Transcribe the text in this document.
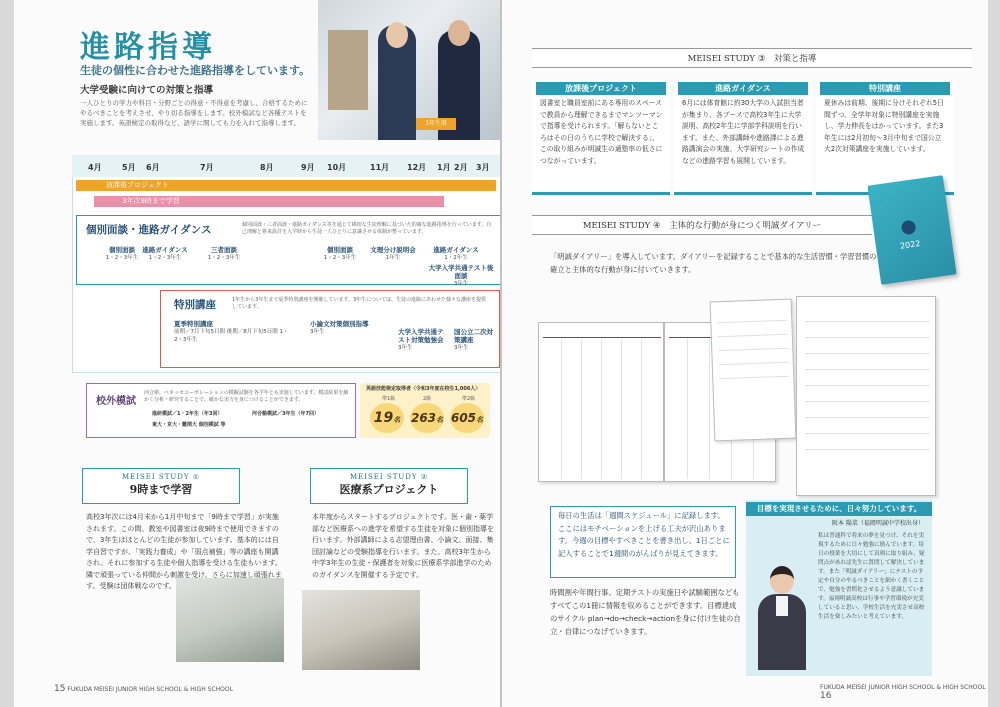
進路指導
生徒の個性に合わせた進路指導をしています。
大学受験に向けての対策と指導
一人ひとりの学力や科目・分野ごとの得意・不得意を考慮し、合格するためにやるべきことを考えさせ、やり切る指導をします。校外模試など各種テストを実施します。英語検定の取得など、語学に関しても力を入れて指導します。	3年生用
4月	5月 6月	7月	8月	9月 10月	11月 12月 1月 2月 3月
放課後プロジェクト
3年次9時まで学習
個別面談・進路ガイダンス	個別面談・三者面談・進路ガイダンス等を通じて綿密な生徒理解に基づいた的確な進路指導を行っています。自己理解と将来設計を入学時から生徒一人ひとりに意識させる体制が整っています。
個別面談
1・2・3年生
進路ガイダンス
1・2・3年生
三者面談
1・2・3年生
個別面談
1・2・3年生
文理分け説明会
1年生
進路ガイダンス
1・2年生
大学入学共通テスト後面談
3年生
特別講座	1年生から3年生まで夏季特別講座を開催しています。3年生については、生徒の進路にあわせた様々な講座を提供しています。
夏季特別講座
前期／7月下旬5日間 後期／8月下旬5日間 1・2・3年生
小論文対策個別指導
3年生	大学入学共通テスト対策勉強会
3年生
国公立二次対策講座
3年生
校外模試
河合塾、ベネッセコーポレーションの模擬試験を各学年とも実施しています。模試結果を細かく分析・研究することで、確かな実力を身につけることができます。
進研模試／1・2年生（年3回）	河合塾模試／3年生（年7回）
東大・京大・難関大 個別模試 等
英語技能検定取得者〈令和3年度在校生1,006人〉
準1級	2級	準2級
19名 263名 605名
MEISEI STUDY ①
9時まで学習
高校3年次には4月末から1月中旬まで「9時まで学習」が実施されます。この間、教室や図書室は夜9時まで使用できますので、3年生はほとんどの生徒が参加しています。基本的には自学自習ですが、「実践力養成」や「弱点補強」等の講座も開講され、それに参加する生徒や個人指導を受ける生徒もいます。隣で頑張っている仲間から刺激を受け、さらに加速し頑張れます。受験は団体戦なのです。
MEISEI STUDY ②
医療系プロジェクト
本年度からスタートするプロジェクトです。医・歯・薬学部など医療系への進学を希望する生徒を対象に個別指導を行います。外部講師による志望理由書、小論文、面接、集団討論などの受験指導を行います。また、高校3年生から中学3年生の生徒・保護者を対象に医療系学部進学のためのガイダンスを開催する予定です。
15 FUKUDA MEISEI JUNIOR HIGH SCHOOL & HIGH SCHOOL
MEISEI STUDY ③　対策と指導
放課後プロジェクト
図書室と職員室前にある専用のスペースで教員から理解できるまでマンツーマンで指導を受けられます。「解らないところはその日のうちに学校で解決する」、この取り組みが明誠生の通塾率の低さにつながっています。
進路ガイダンス
6月には体育館に約30大学の入試担当者が集まり、各ブースで高校3年生に大学説明、高校2年生に学部学科説明を行います。また、外部講師や進路課による進路講演会の実施、大学研究シートの作成などの進路学習も展開しています。
特別講座
夏休みは前期、後期に分けそれぞれ5日間ずつ、全学年対象に特別講座を実施し、学力伸長をはかっています。また3年生には2月初旬〜3月中旬まで国公立大2次対策講座を実施しています。
MEISEI STUDY ④　主体的な行動が身につく明誠ダイアリー
「明誠ダイアリー」を導入しています。ダイアリーを記録することで基本的な生活習慣・学習習慣の確立と主体的な行動が身に付いていきます。
2022
毎日の生活は「週間スケジュール」に記録します。ここにはモチベーションを上げる工夫が沢山あります。今週の目標やすべきことを書き出し、1日ごとに記入することで1週間のがんばりが見えてきます。
時間割や年間行事、定期テストの実施日や試験範囲などもすべてこの1冊に情報を収めることができます。目標達成のサイクル plan→do→check→actionを身に付け生徒の自立・自律につなげていきます。
目標を実現させるために、日々努力しています。
阪本 陽菜（福岡明誠中学校出身）
私は普通科で将来の夢を見つけ、それを実現するために日々勉強に励んでいます。毎日の授業を大切にして真剣に取り組み、疑問点があれば先生に質問して解決しています。また「明誠ダイアリー」にテストの予定や自分のやるべきことを細かく書くことで、勉強を習慣化させるよう意識しています。福岡明誠高校は行事や学習環境が充実していると思い、学校生活を充実させ高校生活を楽しみたいと考えています。
FUKUDA MEISEI JUNIOR HIGH SCHOOL & HIGH SCHOOL 16
